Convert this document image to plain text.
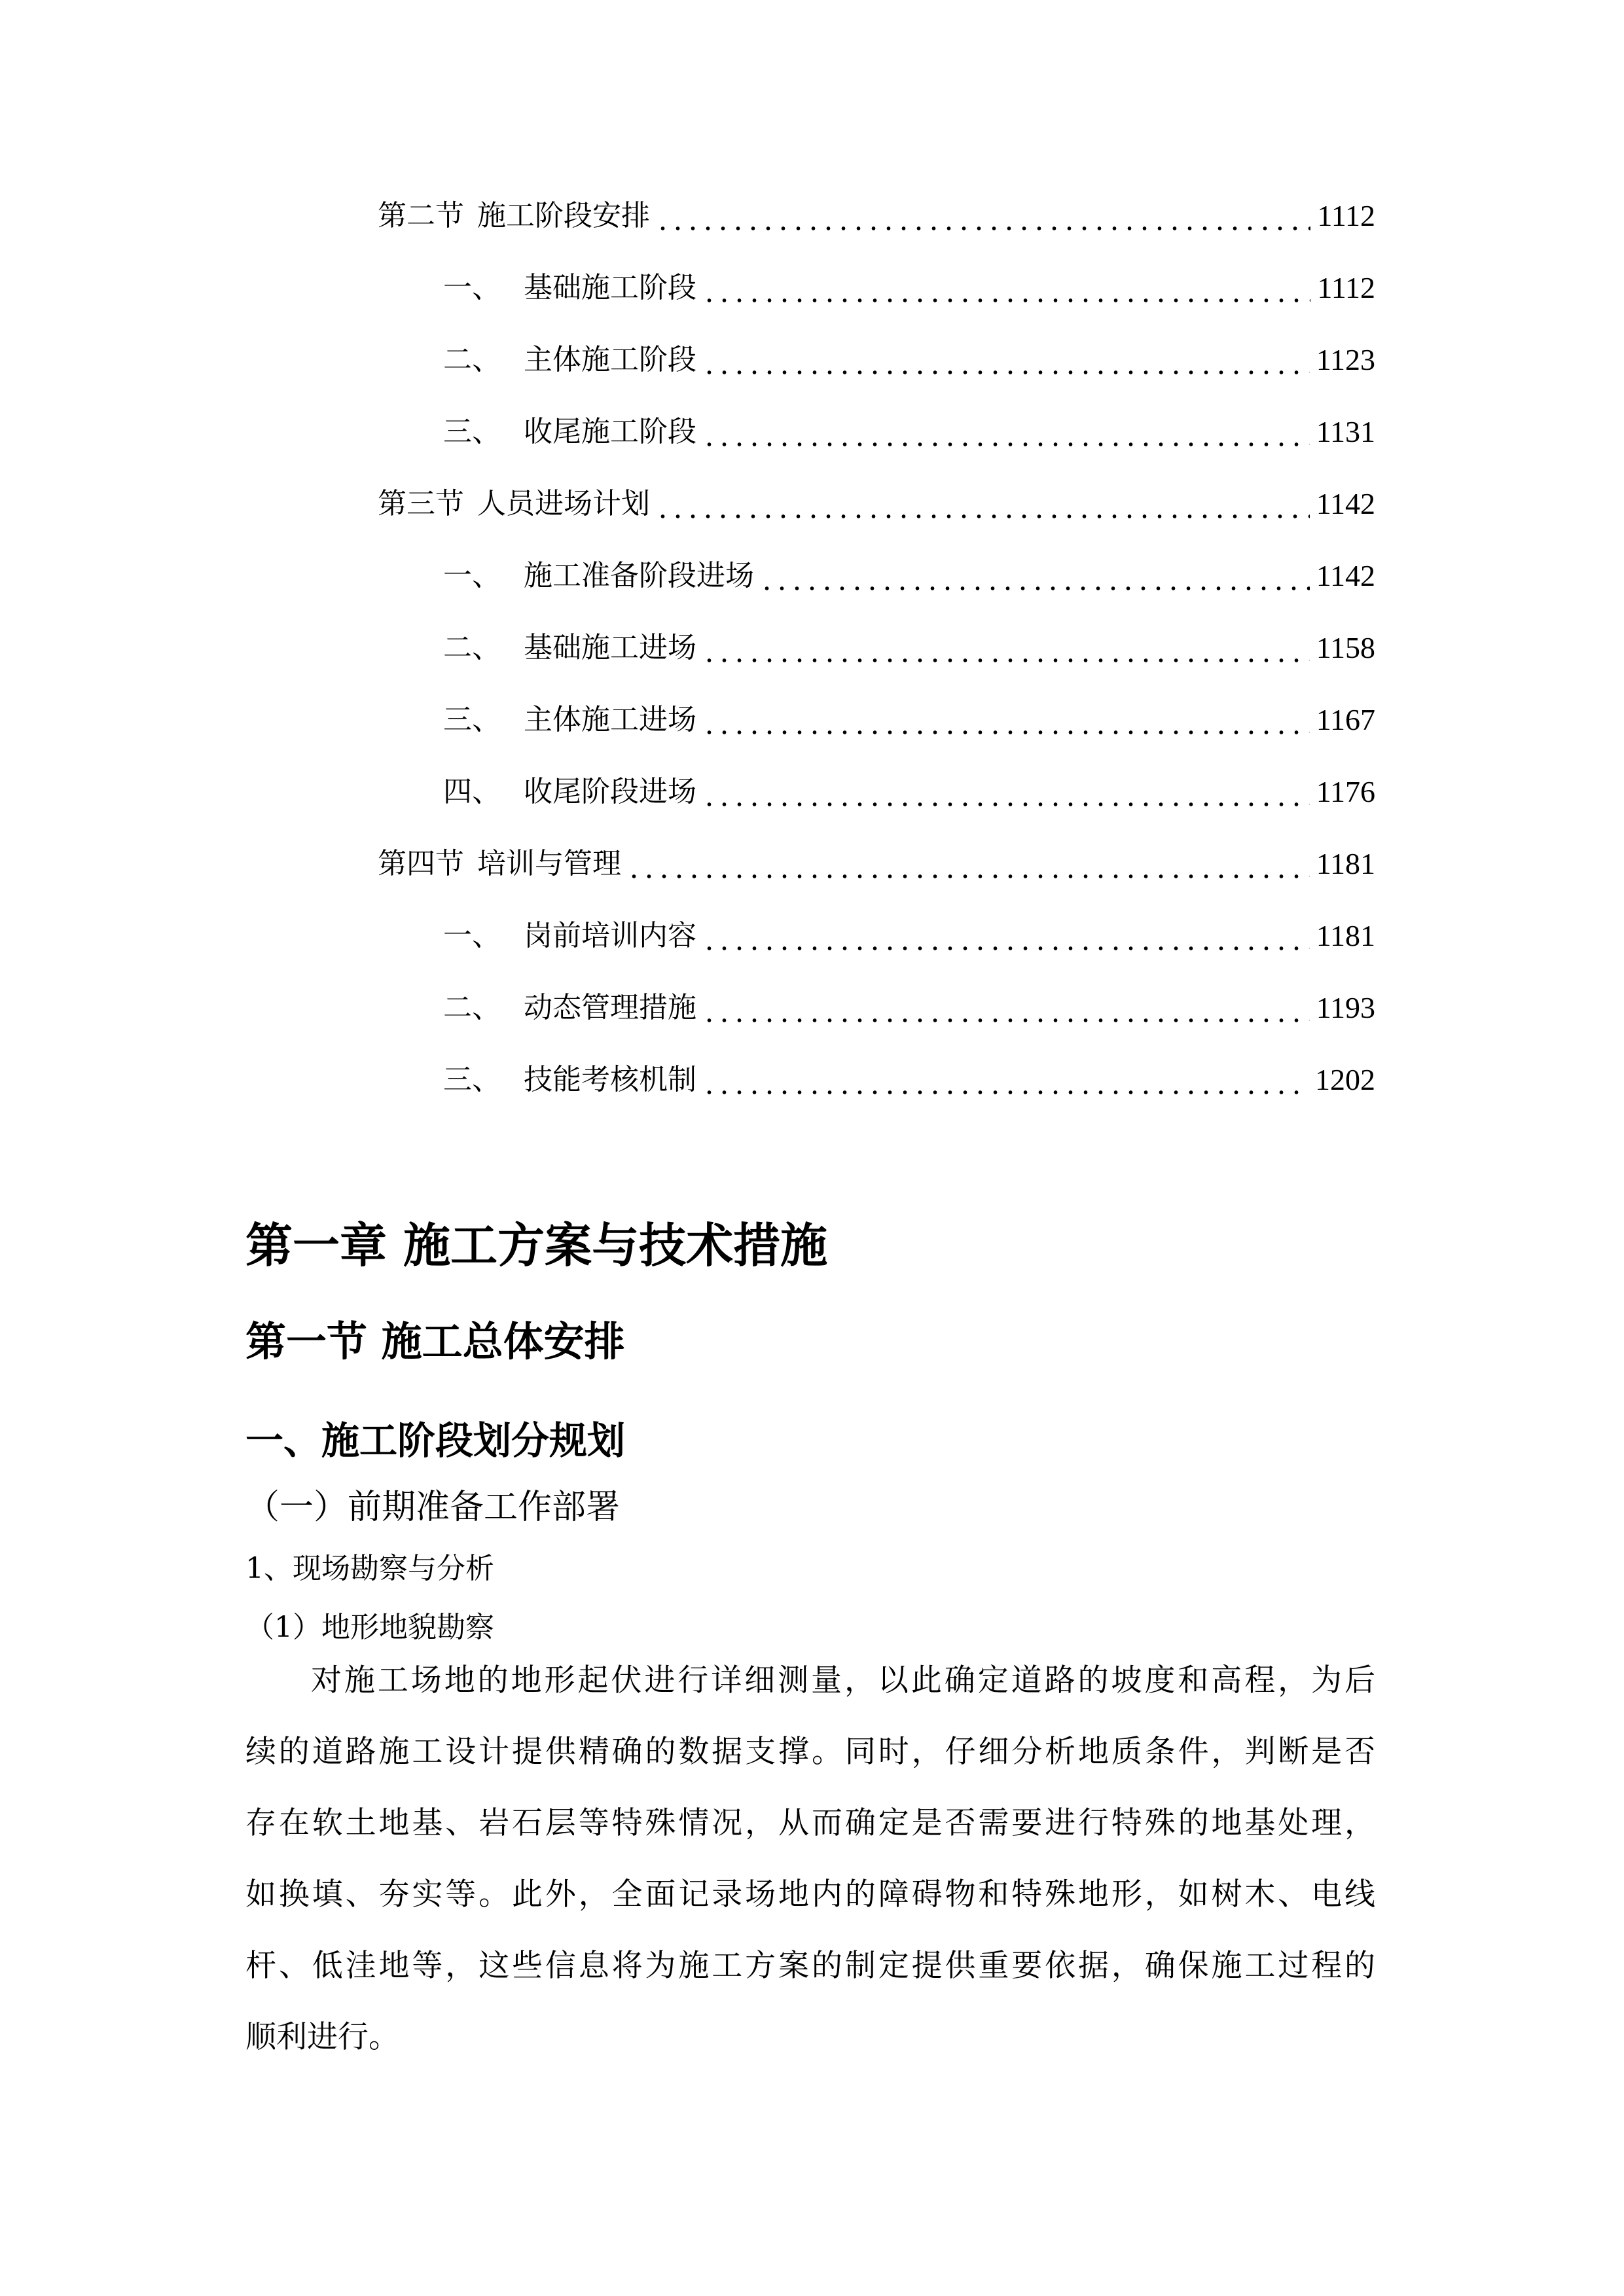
第二节 施工阶段安排	1112
一、 基础施工阶段	1112
二、 主体施工阶段	1123
三、 收尾施工阶段	1131
第三节 人员进场计划	1142
一、 施工准备阶段进场	1142
二、 基础施工进场	1158
三、 主体施工进场	1167
四、 收尾阶段进场	1176
第四节 培训与管理	1181
一、 岗前培训内容	1181
二、 动态管理措施	1193
三、 技能考核机制	1202
第一章 施工方案与技术措施
第一节 施工总体安排
一、施工阶段划分规划
（一）前期准备工作部署
1、现场勘察与分析
（1）地形地貌勘察
对施工场地的地形起伏进行详细测量，以此确定道路的坡度和高程，为后
续的道路施工设计提供精确的数据支撑。同时，仔细分析地质条件，判断是否
存在软土地基、岩石层等特殊情况，从而确定是否需要进行特殊的地基处理，
如换填、夯实等。此外，全面记录场地内的障碍物和特殊地形，如树木、电线
杆、低洼地等，这些信息将为施工方案的制定提供重要依据，确保施工过程的
顺利进行。
